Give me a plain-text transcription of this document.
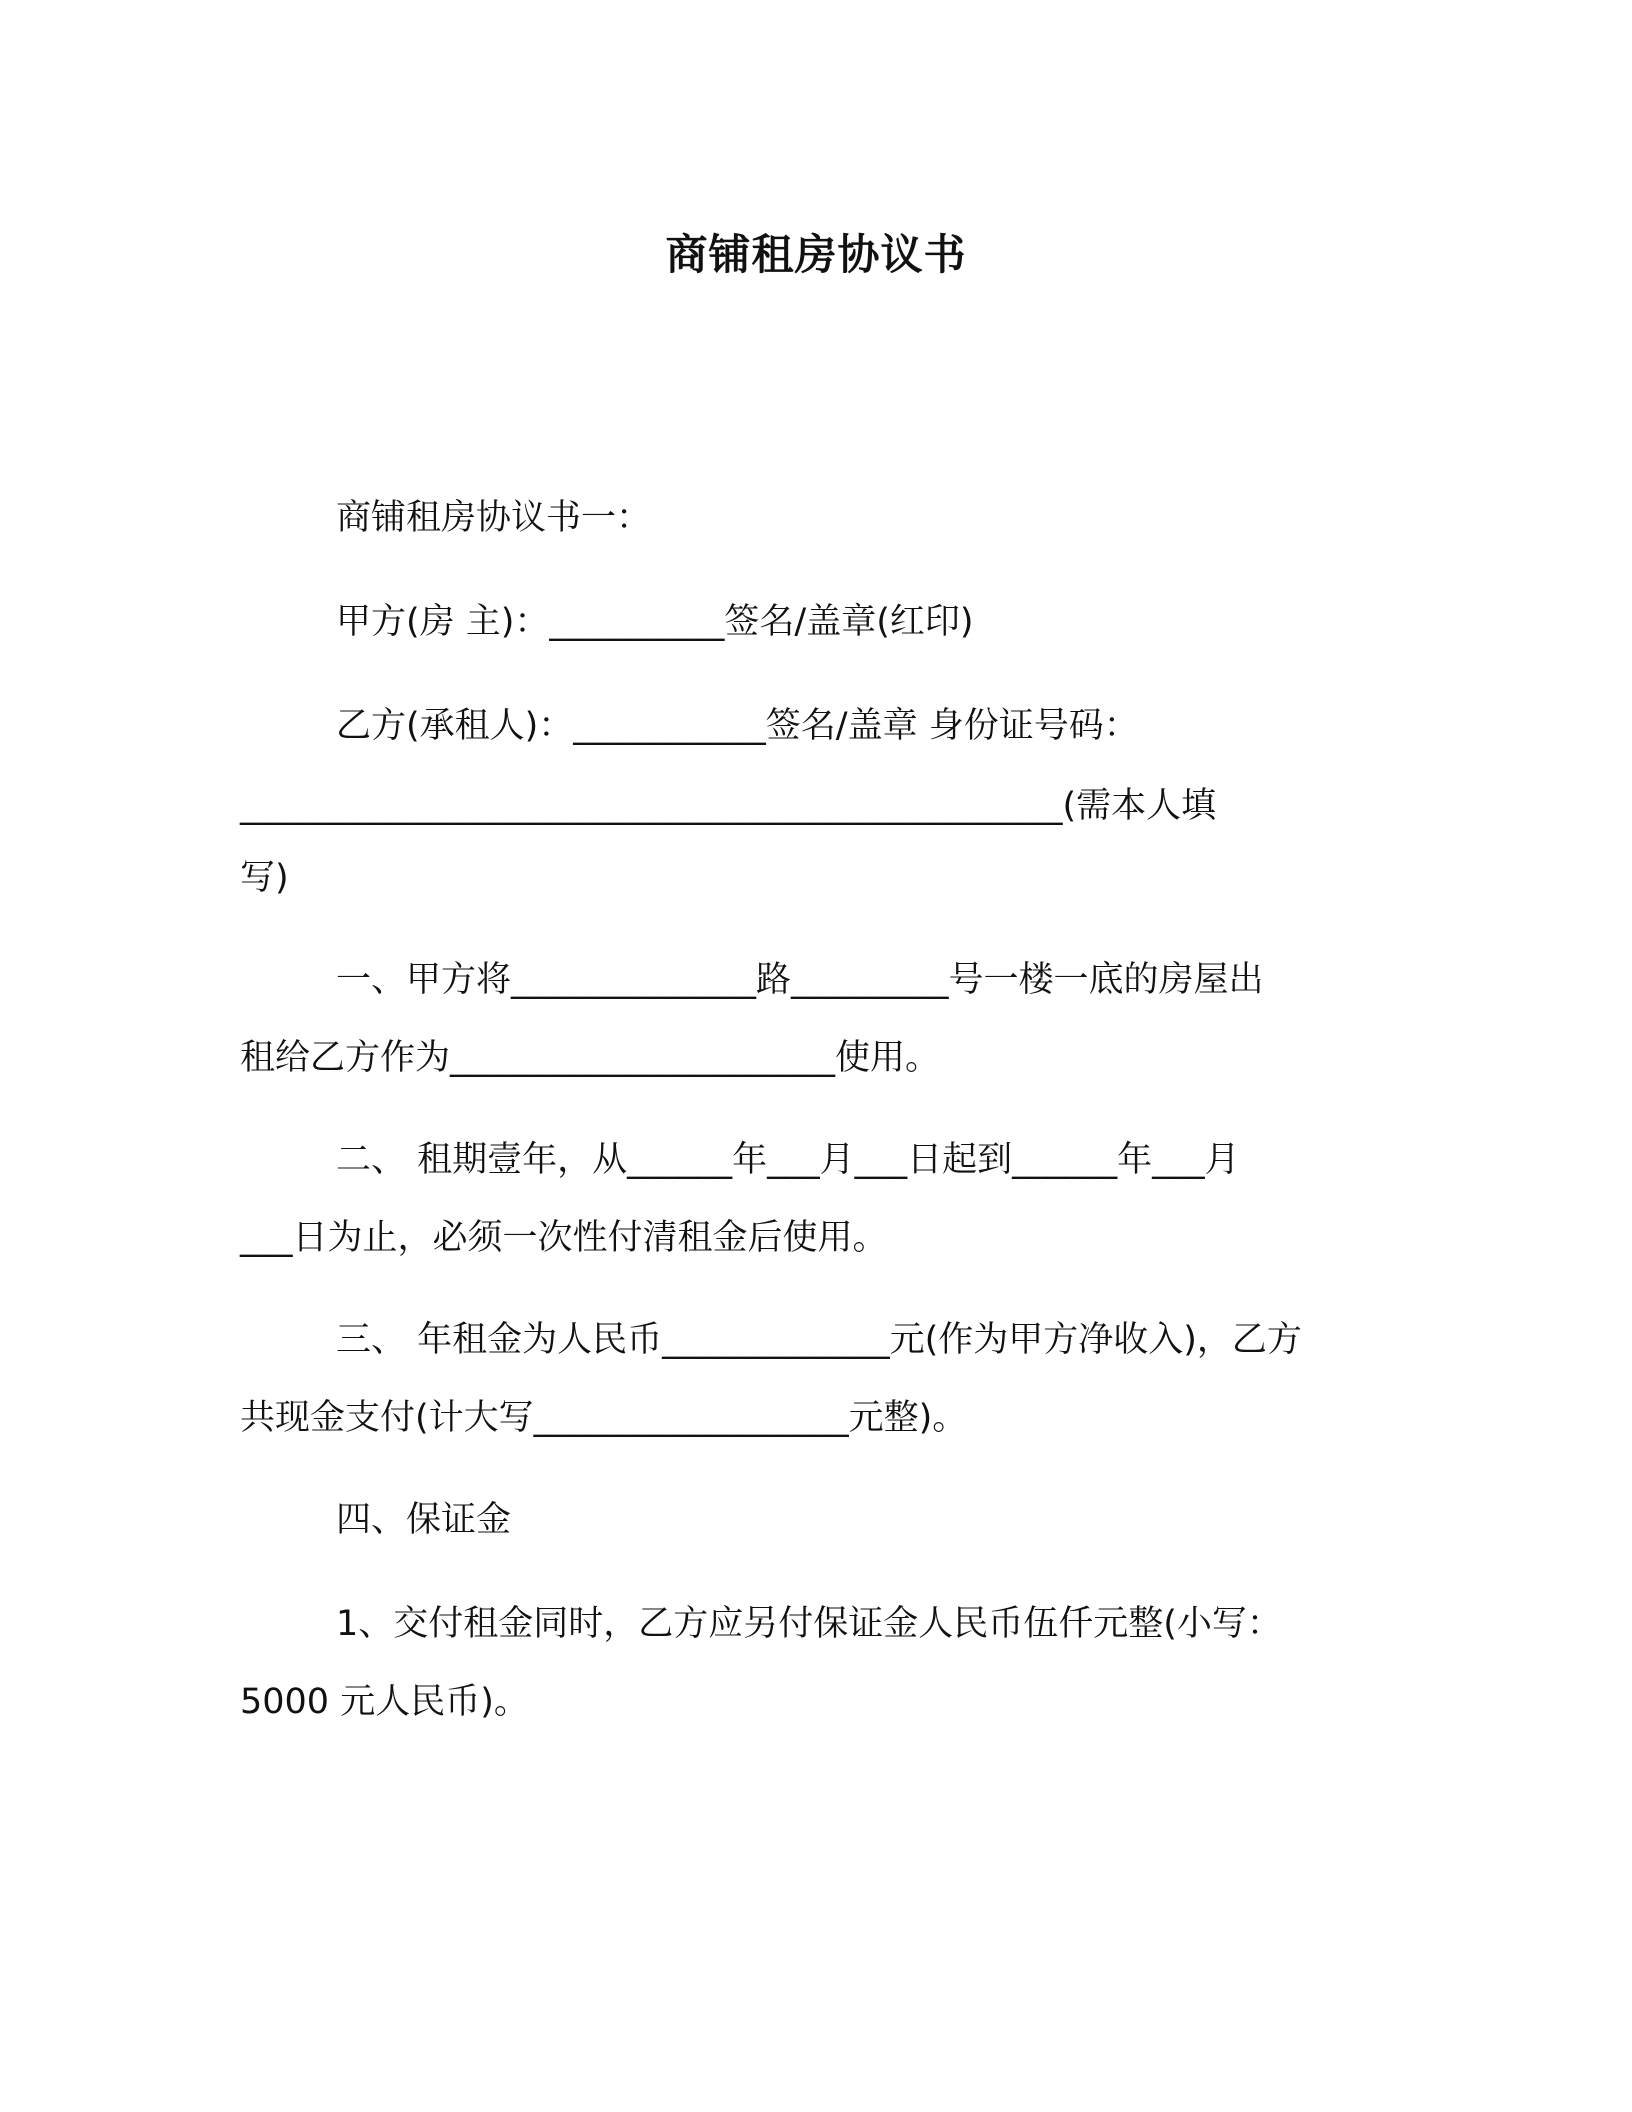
商铺租房协议书
商铺租房协议书一：
甲方(房 主)：__________签名/盖章(红印)
乙方(承租人)：___________签名/盖章 身份证号码：
_______________________________________________(需本人填
写)
一、甲方将______________路_________号一楼一底的房屋出
租给乙方作为______________________使用。
二、 租期壹年，从______年___月___日起到______年___月
___日为止，必须一次性付清租金后使用。
三、 年租金为人民币_____________元(作为甲方净收入)，乙方
共现金支付(计大写__________________元整)。
四、保证金
1、交付租金同时，乙方应另付保证金人民币伍仟元整(小写：
5000 元人民币)。
